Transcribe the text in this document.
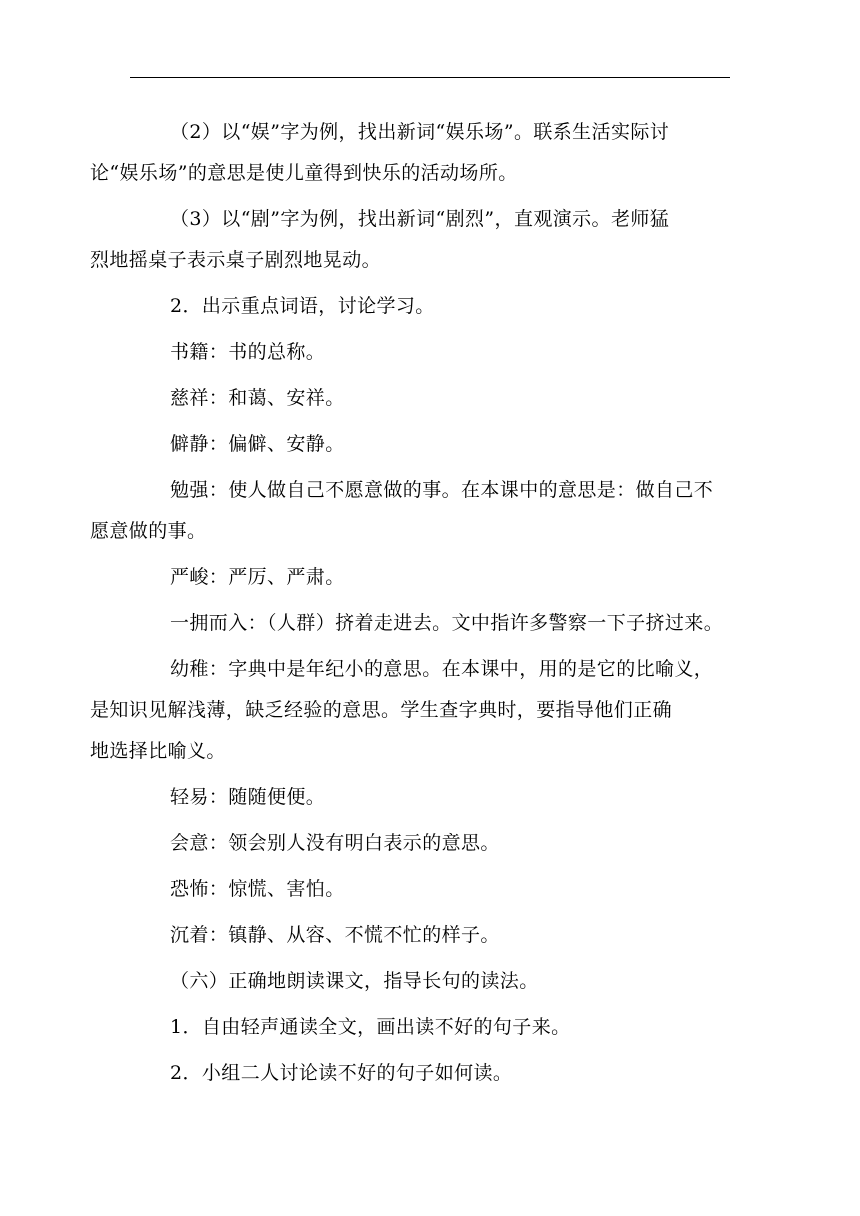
（2）以“娱”字为例，找出新词“娱乐场”。联系生活实际讨
论“娱乐场”的意思是使儿童得到快乐的活动场所。

（3）以“剧”字为例，找出新词“剧烈”，直观演示。老师猛
烈地摇桌子表示桌子剧烈地晃动。

2．出示重点词语，讨论学习。

书籍：书的总称。

慈祥：和蔼、安祥。

僻静：偏僻、安静。

勉强：使人做自己不愿意做的事。在本课中的意思是：做自己不
愿意做的事。

严峻：严厉、严肃。

一拥而入：（人群）挤着走进去。文中指许多警察一下子挤过来。

幼稚：字典中是年纪小的意思。在本课中，用的是它的比喻义，
是知识见解浅薄，缺乏经验的意思。学生查字典时，要指导他们正确
地选择比喻义。

轻易：随随便便。

会意：领会别人没有明白表示的意思。

恐怖：惊慌、害怕。

沉着：镇静、从容、不慌不忙的样子。

（六）正确地朗读课文，指导长句的读法。

1．自由轻声通读全文，画出读不好的句子来。

2．小组二人讨论读不好的句子如何读。
